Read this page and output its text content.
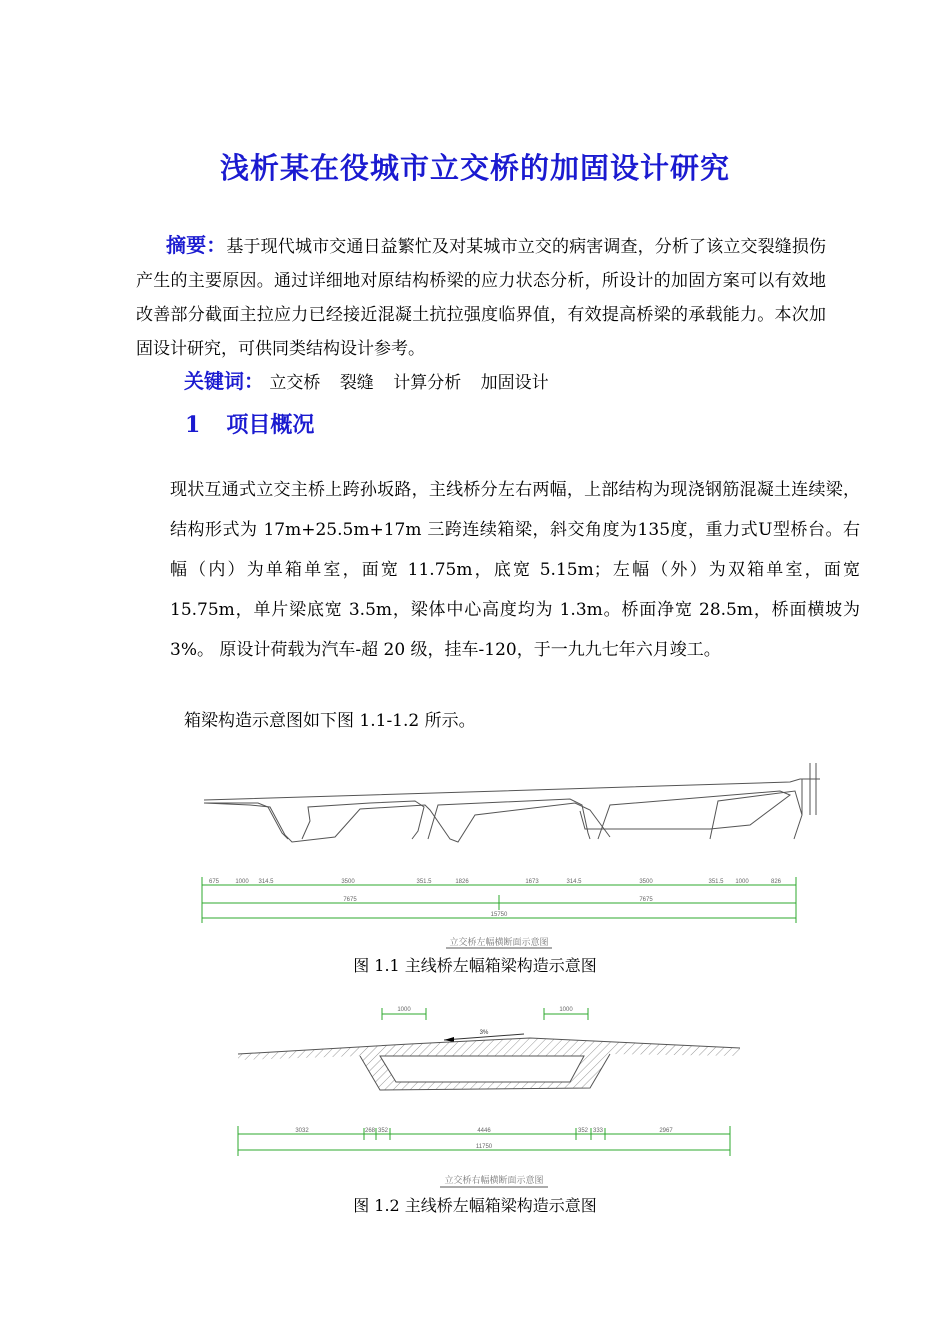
浅析某在役城市立交桥的加固设计研究
摘要：基于现代城市交通日益繁忙及对某城市立交的病害调查，分析了该立交裂缝损伤产生的主要原因。通过详细地对原结构桥梁的应力状态分析，所设计的加固方案可以有效地改善部分截面主拉应力已经接近混凝土抗拉强度临界值，有效提高桥梁的承载能力。本次加固设计研究，可供同类结构设计参考。
关键词： 立交桥 裂缝 计算分析 加固设计
1 项目概况
现状互通式立交主桥上跨孙坂路，主线桥分左右两幅，上部结构为现浇钢筋混凝土连续梁，结构形式为 17m+25.5m+17m 三跨连续箱梁，斜交角度为135度，重力式U型桥台。右幅（内）为单箱单室，面宽 11.75m，底宽 5.15m；左幅（外）为双箱单室，面宽 15.75m，单片梁底宽 3.5m，梁体中心高度均为 1.3m。桥面净宽 28.5m，桥面横坡为 3%。 原设计荷载为汽车-超 20 级，挂车-120，于一九九七年六月竣工。
箱梁构造示意图如下图 1.1-1.2 所示。
675	1000 314.5	3500	351.5	1826	1673	314.5	3500	351.5 1000	826
7675	7675
15750
立交桥左幅横断面示意图
图 1.1 主线桥左幅箱梁构造示意图
1000	1000
3%
3032	268 352	4446	352 333	2967
11750
立交桥右幅横断面示意图
图 1.2 主线桥左幅箱梁构造示意图
